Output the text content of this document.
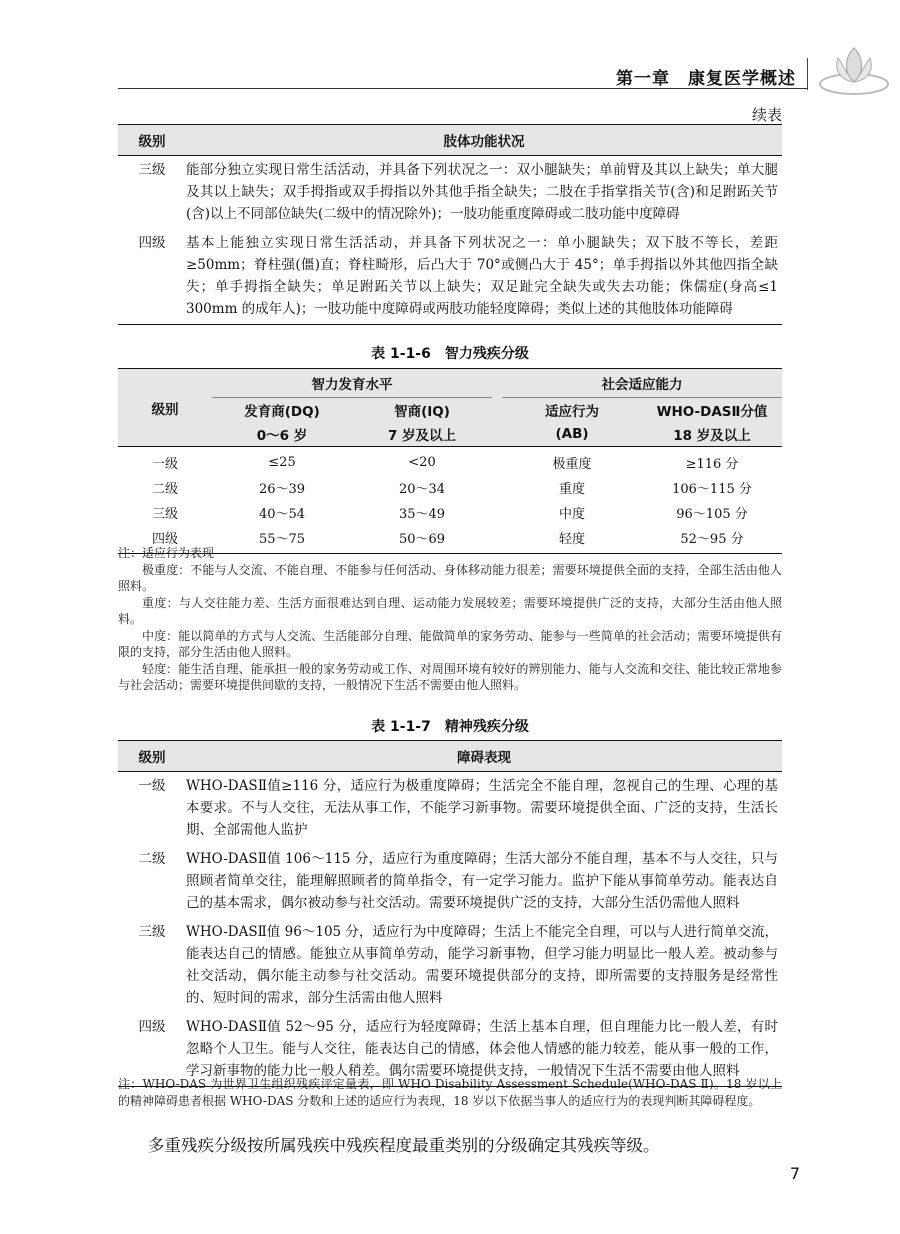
第一章　康复医学概述
续表
级别	肢体功能状况
三级	能部分独立实现日常生活活动，并具备下列状况之一：双小腿缺失；单前臂及其以上缺失；单大腿及其以上缺失；双手拇指或双手拇指以外其他手指全缺失；二肢在手指掌指关节(含)和足跗跖关节(含)以上不同部位缺失(二级中的情况除外)；一肢功能重度障碍或二肢功能中度障碍
四级	基本上能独立实现日常生活活动，并具备下列状况之一：单小腿缺失；双下肢不等长，差距≥50mm；脊柱强(僵)直；脊柱畸形，后凸大于 70°或侧凸大于 45°；单手拇指以外其他四指全缺失；单手拇指全缺失；单足跗跖关节以上缺失；双足趾完全缺失或失去功能；侏儒症(身高≤1 300mm 的成年人)；一肢功能中度障碍或两肢功能轻度障碍；类似上述的其他肢体功能障碍
表 1-1-6　智力残疾分级
级别	智力发育水平			社会适应能力	
	发育商(DQ)	智商(IQ)		适应行为	WHO-DASⅡ分值
	0～6 岁	7 岁及以上		(AB)	18 岁及以上
一级	≤25	<20		极重度	≥116 分
二级	26～39	20～34		重度	106～115 分
三级	40～54	35～49		中度	96～105 分
四级	55～75	50～69		轻度	52～95 分

注：适应行为表现

极重度：不能与人交流、不能自理、不能参与任何活动、身体移动能力很差；需要环境提供全面的支持，全部生活由他人照料。

重度：与人交往能力差、生活方面很难达到自理、运动能力发展较差；需要环境提供广泛的支持，大部分生活由他人照料。

中度：能以简单的方式与人交流、生活能部分自理、能做简单的家务劳动、能参与一些简单的社会活动；需要环境提供有限的支持，部分生活由他人照料。

轻度：能生活自理、能承担一般的家务劳动或工作、对周围环境有较好的辨别能力、能与人交流和交往、能比较正常地参与社会活动；需要环境提供间歇的支持，一般情况下生活不需要由他人照料。

表 1-1-7　精神残疾分级
级别	障碍表现
一级	WHO-DASⅡ值≥116 分，适应行为极重度障碍；生活完全不能自理，忽视自己的生理、心理的基本要求。不与人交往，无法从事工作，不能学习新事物。需要环境提供全面、广泛的支持，生活长期、全部需他人监护
二级	WHO-DASⅡ值 106～115 分，适应行为重度障碍；生活大部分不能自理，基本不与人交往，只与照顾者简单交往，能理解照顾者的简单指令，有一定学习能力。监护下能从事简单劳动。能表达自己的基本需求，偶尔被动参与社交活动。需要环境提供广泛的支持，大部分生活仍需他人照料
三级	WHO-DASⅡ值 96～105 分，适应行为中度障碍；生活上不能完全自理，可以与人进行简单交流，能表达自己的情感。能独立从事简单劳动，能学习新事物，但学习能力明显比一般人差。被动参与社交活动，偶尔能主动参与社交活动。需要环境提供部分的支持，即所需要的支持服务是经常性的、短时间的需求，部分生活需由他人照料
四级	WHO-DASⅡ值 52～95 分，适应行为轻度障碍；生活上基本自理，但自理能力比一般人差，有时忽略个人卫生。能与人交往，能表达自己的情感，体会他人情感的能力较差，能从事一般的工作，学习新事物的能力比一般人稍差。偶尔需要环境提供支持，一般情况下生活不需要由他人照料

注：WHO-DAS 为世界卫生组织残疾评定量表，即 WHO Disability Assessment Schedule(WHO-DAS Ⅱ)。18 岁以上的精神障碍患者根据 WHO-DAS 分数和上述的适应行为表现，18 岁以下依据当事人的适应行为的表现判断其障碍程度。

多重残疾分级按所属残疾中残疾程度最重类别的分级确定其残疾等级。
7
